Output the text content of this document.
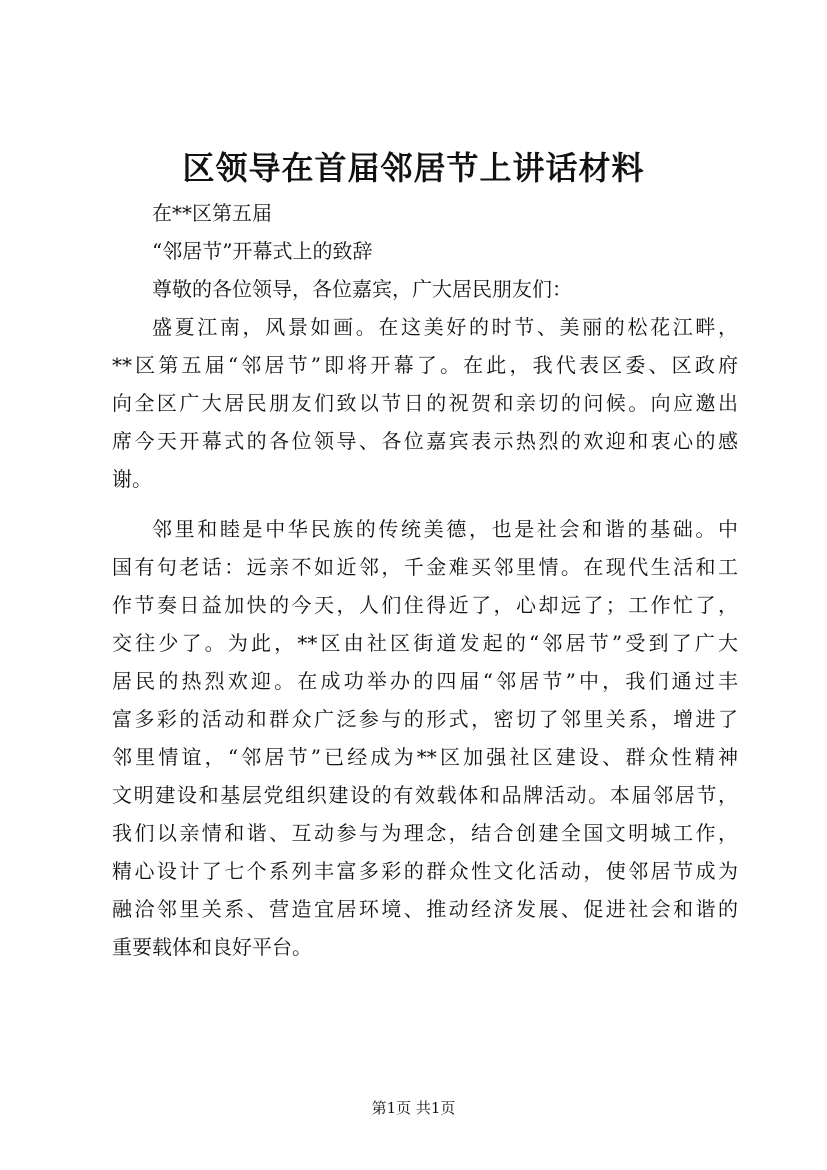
区领导在首届邻居节上讲话材料
在**区第五届
“邻居节”开幕式上的致辞
尊敬的各位领导，各位嘉宾，广大居民朋友们：
盛夏江南，风景如画。在这美好的时节、美丽的松花江畔，
**区第五届“邻居节”即将开幕了。在此，我代表区委、区政府
向全区广大居民朋友们致以节日的祝贺和亲切的问候。向应邀出
席今天开幕式的各位领导、各位嘉宾表示热烈的欢迎和衷心的感
谢。
邻里和睦是中华民族的传统美德，也是社会和谐的基础。中
国有句老话：远亲不如近邻，千金难买邻里情。在现代生活和工
作节奏日益加快的今天，人们住得近了，心却远了；工作忙了，
交往少了。为此，**区由社区街道发起的“邻居节”受到了广大
居民的热烈欢迎。在成功举办的四届“邻居节”中，我们通过丰
富多彩的活动和群众广泛参与的形式，密切了邻里关系，增进了
邻里情谊，“邻居节”已经成为**区加强社区建设、群众性精神
文明建设和基层党组织建设的有效载体和品牌活动。本届邻居节，
我们以亲情和谐、互动参与为理念，结合创建全国文明城工作，
精心设计了七个系列丰富多彩的群众性文化活动，使邻居节成为
融洽邻里关系、营造宜居环境、推动经济发展、促进社会和谐的
重要载体和良好平台。
第1页 共1页
